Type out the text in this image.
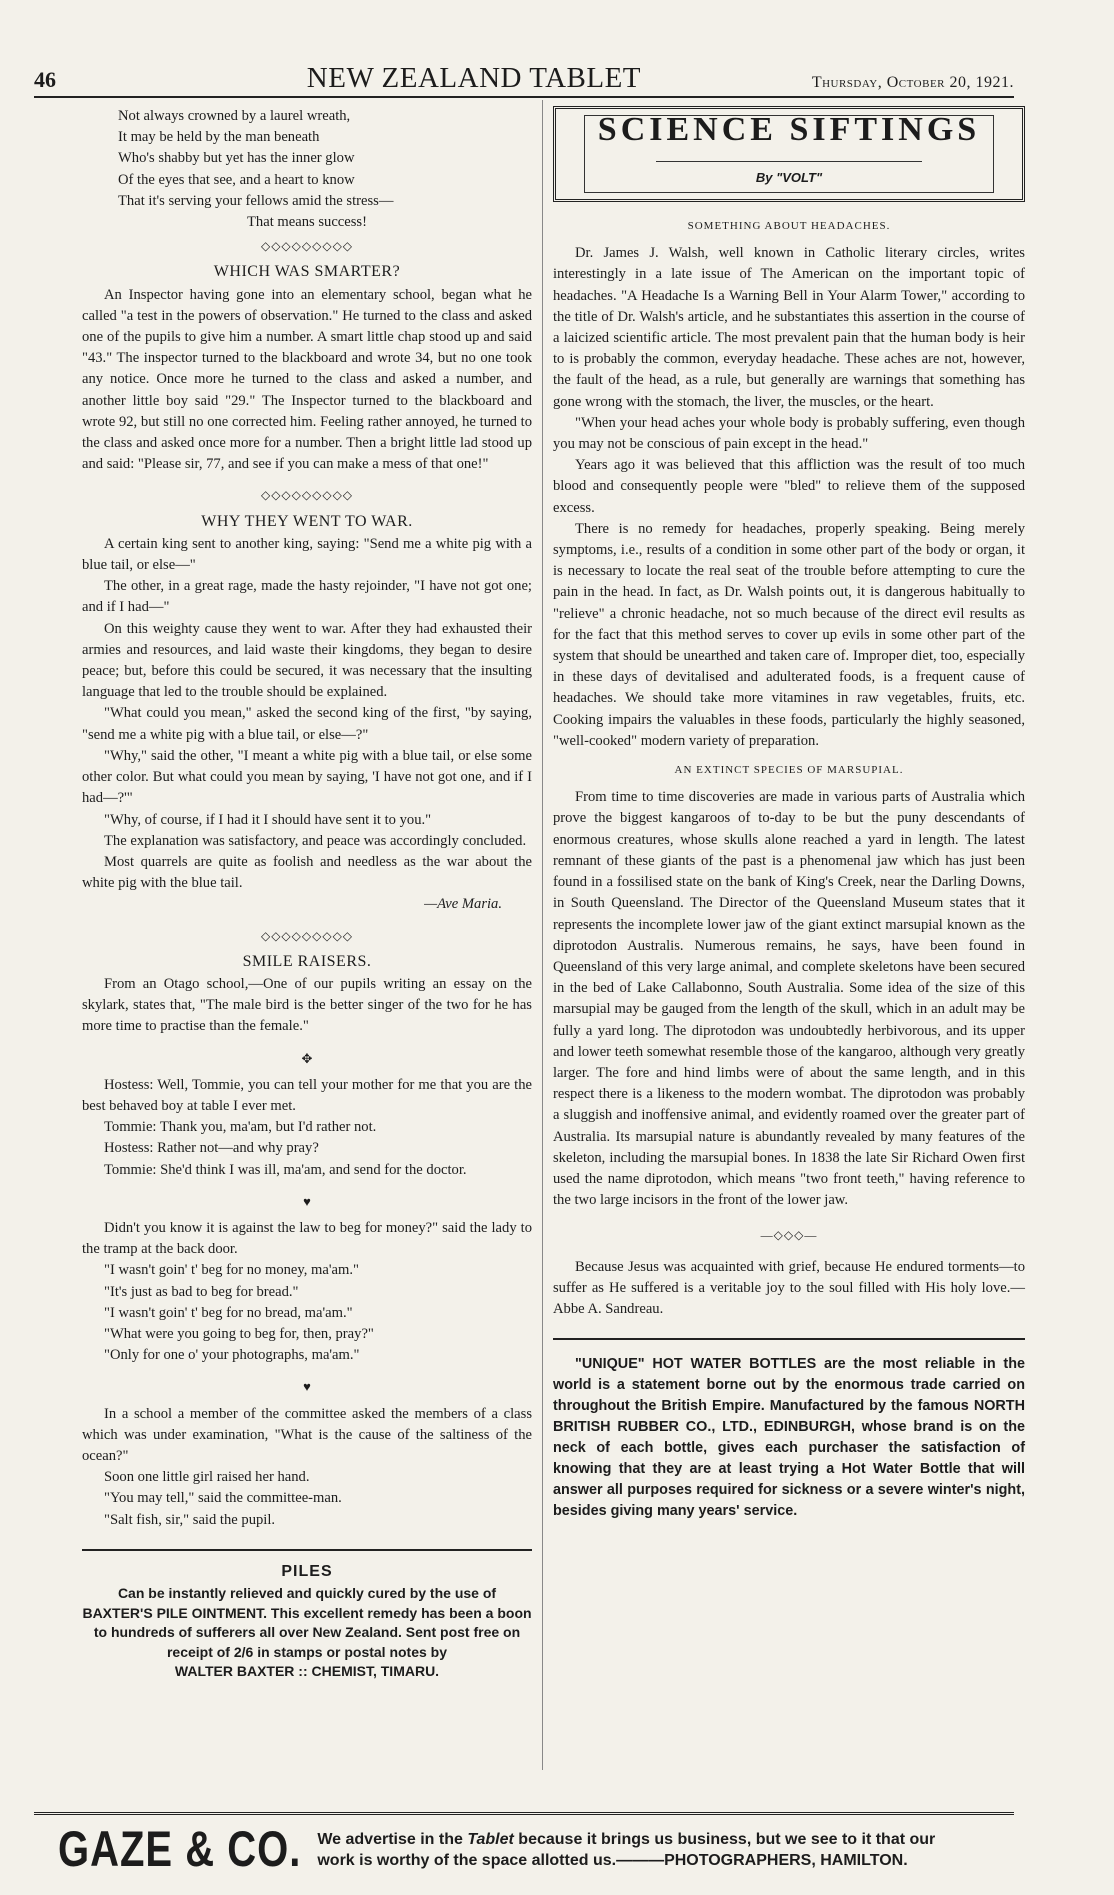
46	NEW ZEALAND TABLET	Thursday, October 20, 1921.
Not always crowned by a laurel wreath,
It may be held by the man beneath
Who's shabby but yet has the inner glow
Of the eyes that see, and a heart to know
That it's serving your fellows amid the stress—
That means success!
◇◇◇◇◇◇◇◇◇
WHICH WAS SMARTER?

An Inspector having gone into an elementary school, began what he called "a test in the powers of observation." He turned to the class and asked one of the pupils to give him a number. A smart little chap stood up and said "43." The inspector turned to the blackboard and wrote 34, but no one took any notice. Once more he turned to the class and asked a number, and another little boy said "29." The Inspector turned to the blackboard and wrote 92, but still no one corrected him. Feeling rather annoyed, he turned to the class and asked once more for a number. Then a bright little lad stood up and said: "Please sir, 77, and see if you can make a mess of that one!"

◇◇◇◇◇◇◇◇◇
WHY THEY WENT TO WAR.

A certain king sent to another king, saying: "Send me a white pig with a blue tail, or else—"

The other, in a great rage, made the hasty rejoinder, "I have not got one; and if I had—"

On this weighty cause they went to war. After they had exhausted their armies and resources, and laid waste their kingdoms, they began to desire peace; but, before this could be secured, it was necessary that the insulting language that led to the trouble should be explained.

"What could you mean," asked the second king of the first, "by saying, "send me a white pig with a blue tail, or else—?"

"Why," said the other, "I meant a white pig with a blue tail, or else some other color. But what could you mean by saying, 'I have not got one, and if I had—?'"

"Why, of course, if I had it I should have sent it to you."

The explanation was satisfactory, and peace was accordingly concluded.

Most quarrels are quite as foolish and needless as the war about the white pig with the blue tail.

—Ave Maria.
◇◇◇◇◇◇◇◇◇
SMILE RAISERS.

From an Otago school,—One of our pupils writing an essay on the skylark, states that, "The male bird is the better singer of the two for he has more time to practise than the female."

✥

Hostess: Well, Tommie, you can tell your mother for me that you are the best behaved boy at table I ever met.

Tommie: Thank you, ma'am, but I'd rather not.

Hostess: Rather not—and why pray?

Tommie: She'd think I was ill, ma'am, and send for the doctor.

♥

Didn't you know it is against the law to beg for money?" said the lady to the tramp at the back door.

"I wasn't goin' t' beg for no money, ma'am."

"It's just as bad to beg for bread."

"I wasn't goin' t' beg for no bread, ma'am."

"What were you going to beg for, then, pray?"

"Only for one o' your photographs, ma'am."

♥

In a school a member of the committee asked the members of a class which was under examination, "What is the cause of the saltiness of the ocean?"

Soon one little girl raised her hand.

"You may tell," said the committee-man.

"Salt fish, sir," said the pupil.

PILES
Can be instantly relieved and quickly cured by the use of BAXTER'S PILE OINTMENT. This excellent remedy has been a boon to hundreds of sufferers all over New Zealand. Sent post free on receipt of 2/6 in stamps or postal notes by
WALTER BAXTER :: CHEMIST, TIMARU.
SCIENCE SIFTINGS
By "VOLT"
SOMETHING ABOUT HEADACHES.

Dr. James J. Walsh, well known in Catholic literary circles, writes interestingly in a late issue of The American on the important topic of headaches. "A Headache Is a Warning Bell in Your Alarm Tower," according to the title of Dr. Walsh's article, and he substantiates this assertion in the course of a laicized scientific article. The most prevalent pain that the human body is heir to is probably the common, everyday headache. These aches are not, however, the fault of the head, as a rule, but generally are warnings that something has gone wrong with the stomach, the liver, the muscles, or the heart.

"When your head aches your whole body is probably suffering, even though you may not be conscious of pain except in the head."

Years ago it was believed that this affliction was the result of too much blood and consequently people were "bled" to relieve them of the supposed excess.

There is no remedy for headaches, properly speaking. Being merely symptoms, i.e., results of a condition in some other part of the body or organ, it is necessary to locate the real seat of the trouble before attempting to cure the pain in the head. In fact, as Dr. Walsh points out, it is dangerous habitually to "relieve" a chronic headache, not so much because of the direct evil results as for the fact that this method serves to cover up evils in some other part of the system that should be unearthed and taken care of. Improper diet, too, especially in these days of devitalised and adulterated foods, is a frequent cause of headaches. We should take more vitamines in raw vegetables, fruits, etc. Cooking impairs the valuables in these foods, particularly the highly seasoned, "well-cooked" modern variety of preparation.

AN EXTINCT SPECIES OF MARSUPIAL.

From time to time discoveries are made in various parts of Australia which prove the biggest kangaroos of to-day to be but the puny descendants of enormous creatures, whose skulls alone reached a yard in length. The latest remnant of these giants of the past is a phenomenal jaw which has just been found in a fossilised state on the bank of King's Creek, near the Darling Downs, in South Queensland. The Director of the Queensland Museum states that it represents the incomplete lower jaw of the giant extinct marsupial known as the diprotodon Australis. Numerous remains, he says, have been found in Queensland of this very large animal, and complete skeletons have been secured in the bed of Lake Callabonno, South Australia. Some idea of the size of this marsupial may be gauged from the length of the skull, which in an adult may be fully a yard long. The diprotodon was undoubtedly herbivorous, and its upper and lower teeth somewhat resemble those of the kangaroo, although very greatly larger. The fore and hind limbs were of about the same length, and in this respect there is a likeness to the modern wombat. The diprotodon was probably a sluggish and inoffensive animal, and evidently roamed over the greater part of Australia. Its marsupial nature is abundantly revealed by many features of the skeleton, including the marsupial bones. In 1838 the late Sir Richard Owen first used the name diprotodon, which means "two front teeth," having reference to the two large incisors in the front of the lower jaw.

—◇◇◇—

Because Jesus was acquainted with grief, because He endured torments—to suffer as He suffered is a veritable joy to the soul filled with His holy love.—Abbe A. Sandreau.

"UNIQUE" HOT WATER BOTTLES are the most reliable in the world is a statement borne out by the enormous trade carried on throughout the British Empire. Manufactured by the famous NORTH BRITISH RUBBER CO., LTD., EDINBURGH, whose brand is on the neck of each bottle, gives each purchaser the satisfaction of knowing that they are at least trying a Hot Water Bottle that will answer all purposes required for sickness or a severe winter's night, besides giving many years' service.

GAZE & CO. We advertise in the Tablet because it brings us business, but we see to it that our
work is worthy of the space allotted us.———PHOTOGRAPHERS, HAMILTON.
